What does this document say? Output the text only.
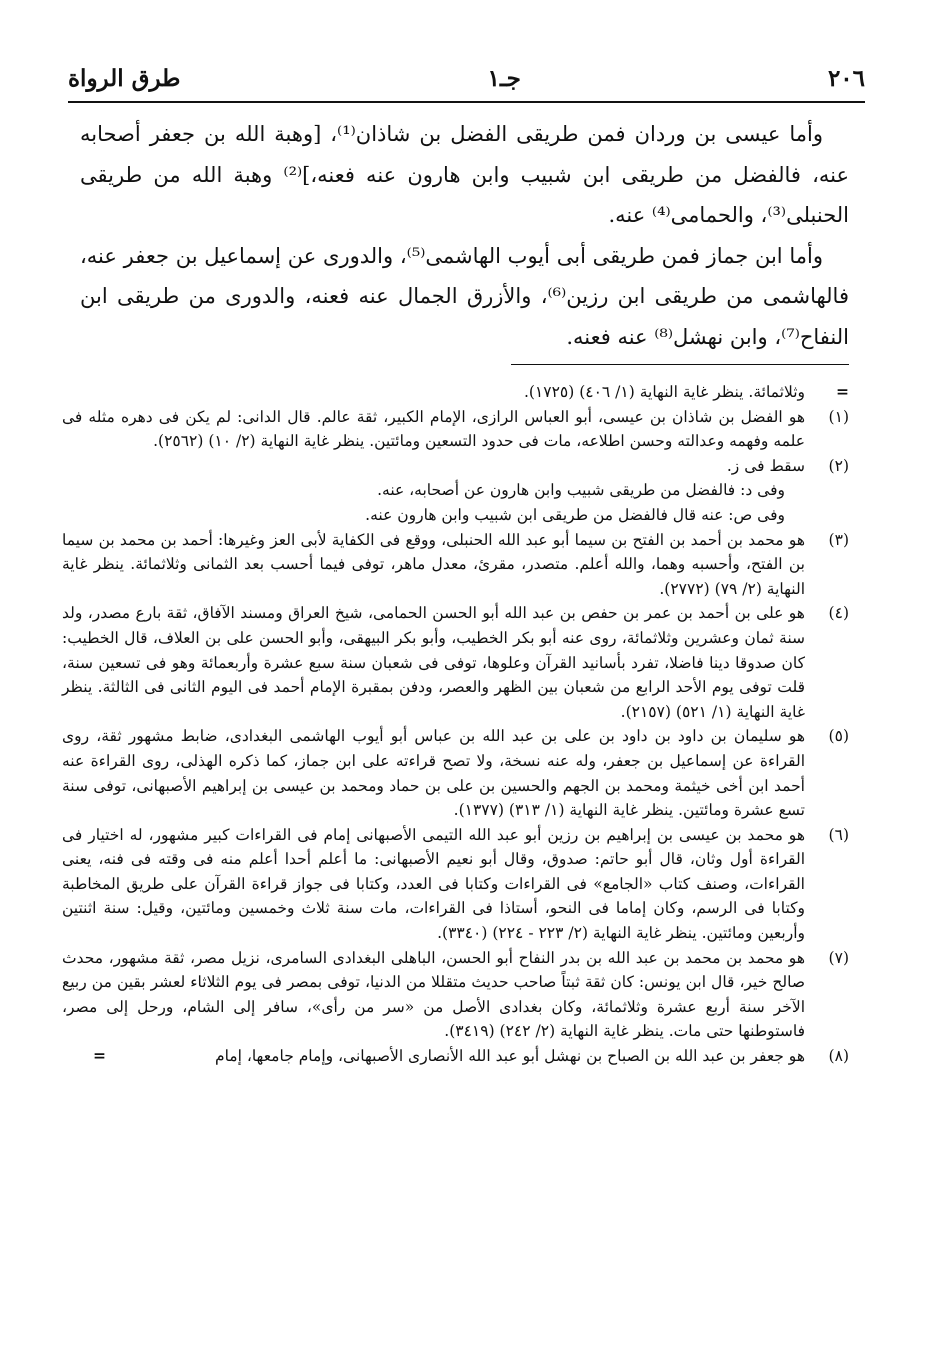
٢٠٦
جـ١
طرق الرواة

وأما عيسى بن وردان فمن طريقى الفضل بن شاذان⁽¹⁾، [وهبة الله بن جعفر أصحابه عنه، فالفضل من طريقى ابن شبيب وابن هارون عنه فعنه،]⁽²⁾ وهبة الله من طريقى الحنبلى⁽³⁾، والحمامى⁽⁴⁾ عنه.

وأما ابن جماز فمن طريقى أبى أيوب الهاشمى⁽⁵⁾، والدورى عن إسماعيل بن جعفر عنه، فالهاشمى من طريقى ابن رزين⁽⁶⁾، والأزرق الجمال عنه فعنه، والدورى من طريقى ابن النفاح⁽⁷⁾، وابن نهشل⁽⁸⁾ عنه فعنه.

=
وثلاثمائة. ينظر غاية النهاية (١/ ٤٠٦) (١٧٢٥).
(١)
هو الفضل بن شاذان بن عيسى، أبو العباس الرازى، الإمام الكبير، ثقة عالم. قال الدانى: لم يكن فى دهره مثله فى علمه وفهمه وعدالته وحسن اطلاعه، مات فى حدود التسعين ومائتين. ينظر غاية النهاية (٢/ ١٠) (٢٥٦٢).
(٢)
سقط فى ز.
وفى د: فالفضل من طريقى شبيب وابن هارون عن أصحابه، عنه.
وفى ص: عنه قال فالفضل من طريقى ابن شبيب وابن هارون عنه.
(٣)
هو محمد بن أحمد بن الفتح بن سيما أبو عبد الله الحنبلى، ووقع فى الكفاية لأبى العز وغيرها: أحمد بن محمد بن سيما بن الفتح، وأحسبه وهما، والله أعلم. متصدر، مقرئ، معدل ماهر، توفى فيما أحسب بعد الثمانى وثلاثمائة. ينظر غاية النهاية (٢/ ٧٩) (٢٧٧٢).
(٤)
هو على بن أحمد بن عمر بن حفص بن عبد الله أبو الحسن الحمامى، شيخ العراق ومسند الآفاق، ثقة بارع مصدر، ولد سنة ثمان وعشرين وثلاثمائة، روى عنه أبو بكر الخطيب، وأبو بكر البيهقى، وأبو الحسن على بن العلاف، قال الخطيب: كان صدوقا دينا فاضلا، تفرد بأسانيد القرآن وعلوها، توفى فى شعبان سنة سبع عشرة وأربعمائة وهو فى تسعين سنة، قلت توفى يوم الأحد الرابع من شعبان بين الظهر والعصر، ودفن بمقبرة الإمام أحمد فى اليوم الثانى فى الثالثة. ينظر غاية النهاية (١/ ٥٢١) (٢١٥٧).
(٥)
هو سليمان بن داود بن داود بن على بن عبد الله بن عباس أبو أيوب الهاشمى البغدادى، ضابط مشهور ثقة، روى القراءة عن إسماعيل بن جعفر، وله عنه نسخة، ولا تصح قراءته على ابن جماز، كما ذكره الهذلى، روى القراءة عنه أحمد ابن أخى خيثمة ومحمد بن الجهم والحسين بن على بن حماد ومحمد بن عيسى بن إبراهيم الأصبهانى، توفى سنة تسع عشرة ومائتين. ينظر غاية النهاية (١/ ٣١٣) (١٣٧٧).
(٦)
هو محمد بن عيسى بن إبراهيم بن رزين أبو عبد الله التيمى الأصبهانى إمام فى القراءات كبير مشهور، له اختيار فى القراءة أول وثان، قال أبو حاتم: صدوق، وقال أبو نعيم الأصبهانى: ما أعلم أحدا أعلم منه فى وقته فى فنه، يعنى القراءات، وصنف كتاب «الجامع» فى القراءات وكتابا فى العدد، وكتابا فى جواز قراءة القرآن على طريق المخاطبة وكتابا فى الرسم، وكان إماما فى النحو، أستاذا فى القراءات، مات سنة ثلاث وخمسين ومائتين، وقيل: سنة اثنتين وأربعين ومائتين. ينظر غاية النهاية (٢/ ٢٢٣ - ٢٢٤) (٣٣٤٠).
(٧)
هو محمد بن محمد بن عبد الله بن بدر النفاح أبو الحسن، الباهلى البغدادى السامرى، نزيل مصر، ثقة مشهور، محدث صالح خير، قال ابن يونس: كان ثقة ثبتاً صاحب حديث متقللا من الدنيا، توفى بمصر فى يوم الثلاثاء لعشر بقين من ربيع الآخر سنة أربع عشرة وثلاثمائة، وكان بغدادى الأصل من «سر من رأى»، سافر إلى الشام، ورحل إلى مصر، فاستوطنها حتى مات. ينظر غاية النهاية (٢/ ٢٤٢) (٣٤١٩).
(٨)
هو جعفر بن عبد الله بن الصباح بن نهشل أبو عبد الله الأنصارى الأصبهانى، وإمام جامعها، إمام
=
